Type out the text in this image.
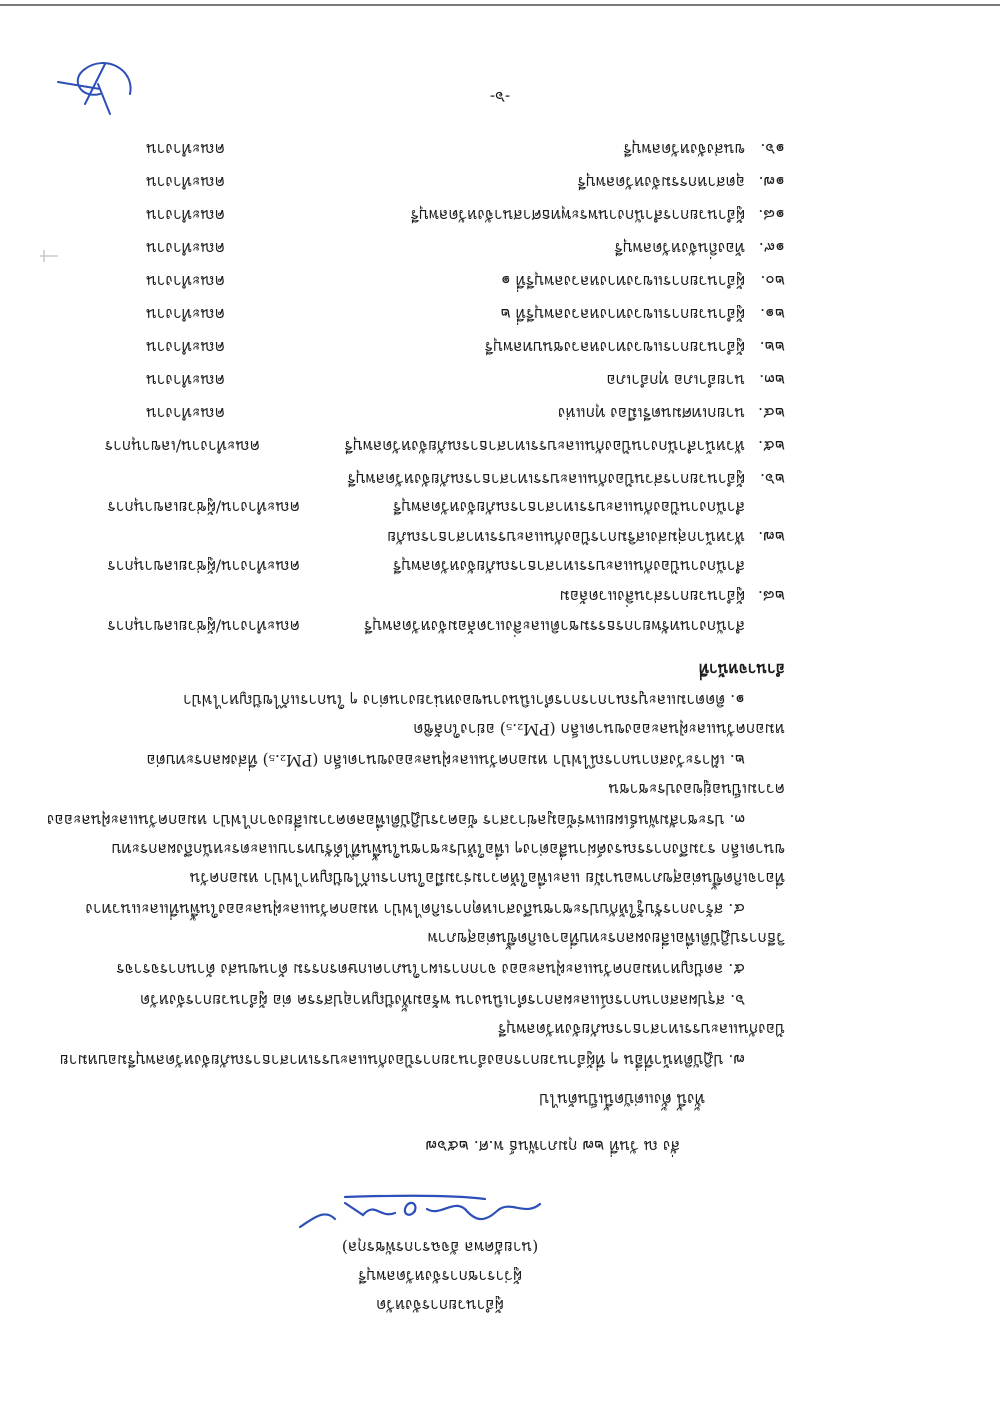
-๖-
๑๖.
ขนส่งจังหวัดลพบุรี
คณะทำงาน
๑๗.
อุตสาหกรรมจังหวัดลพบุรี
คณะทำงาน
๑๘.
ผู้อำนวยการสำนักงานพระพุทธศาสนาจังหวัดลพบุรี
คณะทำงาน
๑๙.
ท้องถิ่นจังหวัดลพบุรี
คณะทำงาน
๒๐.
ผู้อำนวยการแขวงทางหลวงลพบุรีที่ ๑
คณะทำงาน
๒๑.
ผู้อำนวยการแขวงทางหลวงลพบุรีที่ ๒
คณะทำงาน
๒๒.
ผู้อำนวยการแขวงทางหลวงชนบทลพบุรี
คณะทำงาน
๒๓.
นายอำเภอ ทุกอำเภอ
คณะทำงาน
๒๔.
นายกเทศมนตรีเมือง ทุกแห่ง
คณะทำงาน
๒๕.
หัวหน้าสำนักงานป้องกันและบรรเทาสาธารณภัยจังหวัดลพบุรี
คณะทำงาน/เลขานุการ
๒๖.
ผู้อำนวยการส่วนป้องกันและบรรเทาสาธารณภัยจังหวัดลพบุรี
สำนักงานป้องกันและบรรเทาสาธารณภัยจังหวัดลพบุรี
คณะทำงาน/ผู้ช่วยเลขานุการ
๒๗.
หัวหน้ากลุ่มส่งเสริมการป้องกันและบรรเทาสาธารณภัย
สำนักงานป้องกันและบรรเทาสาธารณภัยจังหวัดลพบุรี
คณะทำงาน/ผู้ช่วยเลขานุการ
๒๘.
ผู้อำนวยการส่วนสิ่งแวดล้อม
สำนักงานทรัพยากรธรรมชาติและสิ่งแวดล้อมจังหวัดลพบุรี
คณะทำงาน/ผู้ช่วยเลขานุการ
อำนาจหน้าที่
๑. ติดตามและบูรณาการการดำเนินงานของหน่วยงานต่าง ๆ ในการแก้ไขปัญหาไฟป่า
หมอกควันและฝุ่นละอองขนาดเล็ก (PM₂.₅) อย่างใกล้ชิด
๒. เฝ้าระวังสถานการณ์ไฟป่า หมอกควันและฝุ่นละอองขนาดเล็ก (PM₂.₅) ที่ส่งผลกระทบต่อ
ความเป็นอยู่ของประชาชน
๓. ประชาสัมพันธ์เผยแพร่ข้อมูลข่าวสาร ข้อควรปฏิบัติเพื่อลดความเสี่ยงจากไฟป่า หมอกควันและฝุ่นละออง
ขนาดเล็ก รวมถึงการรณรงค์ผ่านสื่อต่างๆ เพื่อให้ประชาชนในพื้นที่ได้รับทราบและตระหนักถึงผลกระทบ
ที่อาจเกิดขึ้นต่อสุขภาพอนามัย และเพื่อให้ความร่วมมือในการแก้ไขปัญหาไฟป่า หมอกควัน
๔. สร้างการรับรู้ให้กับประชาชนถึงสาเหตุการเกิดไฟป่า หมอกควันและฝุ่นละอองในพื้นที่และแนวทาง
วิธีการปฏิบัติเพื่อเลี่ยงผลกระทบที่อาจเกิดขึ้นต่อสุขภาพ
๕. ลดปัญหาหมอกควันและฝุ่นละออง จากการเผาในภาคเกษตรกรรม ด้านขนส่ง ด้านการจราจร
๖. สรุปผลสถานการณ์และผลการดำเนินงาน พร้อมทั้งปัญหาอุปสรรค ต่อ ผู้อำนวยการจังหวัด
ป้องกันและบรรเทาสาธารณภัยจังหวัดลพบุรี
๗. ปฏิบัติหน้าที่อื่น ๆ ที่ผู้อำนวยการกองอำนวยการป้องกันและบรรเทาสาธารณภัยจังหวัดลพบุรีมอบหมาย
ทั้งนี้ ตั้งแต่บัดนี้เป็นต้นไป
สั่ง ณ วันที่ ๒๗ กุมภาพันธ์ พ.ศ. ๒๕๖๗
(นายอัคพล อัจฉรากรพัชรกุล)
ผู้ว่าราชการจังหวัดลพบุรี
ผู้อำนวยการจังหวัด
